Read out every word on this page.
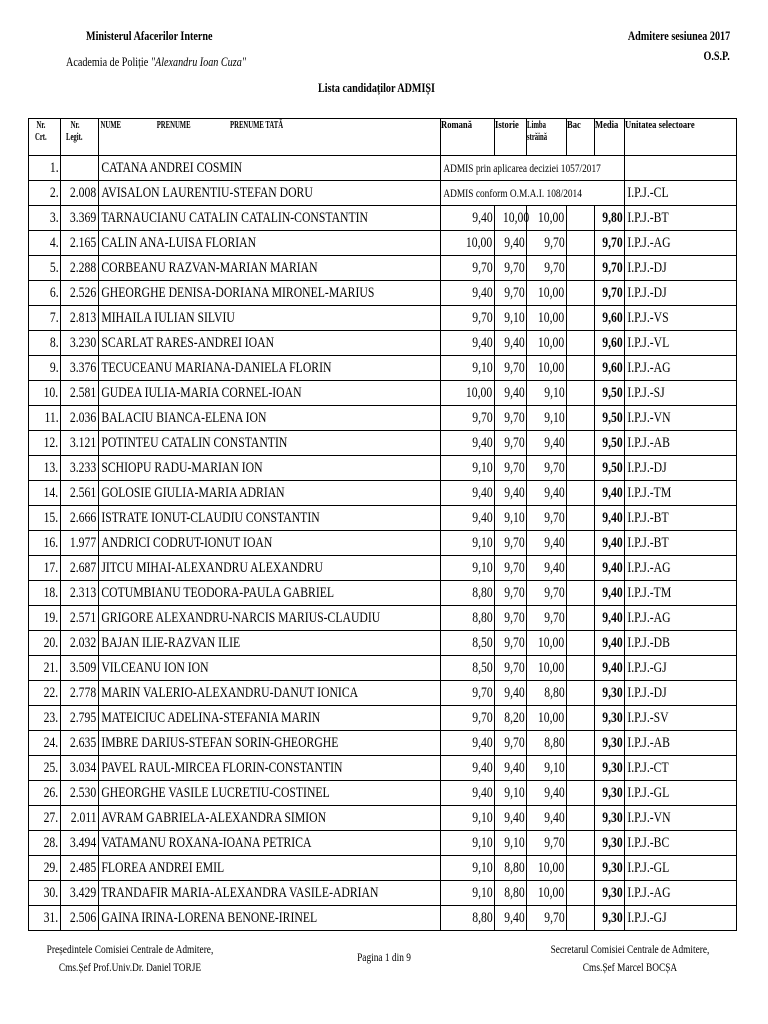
Ministerul Afacerilor Interne
Academia de Poliție "Alexandru Ioan Cuza"
Admitere sesiunea 2017
O.S.P.
Lista candidaților ADMIȘI
Nr.
Crt.	Nr.
Legit.	NUME PRENUME PRENUME TATĂ	Romană	Istorie	Limba
străină	Bac	Media	Unitatea selectoare
1.		CATANA ANDREI COSMIN	ADMIS prin aplicarea deciziei 1057/2017					
2.	2.008	AVISALON LAURENTIU-STEFAN DORU	ADMIS conform O.M.A.I. 108/2014					I.P.J.-CL
3.	3.369	TARNAUCIANU CATALIN CATALIN-CONSTANTIN	9,40	10,00	10,00		9,80	I.P.J.-BT
4.	2.165	CALIN ANA-LUISA FLORIAN	10,00	9,40	9,70		9,70	I.P.J.-AG
5.	2.288	CORBEANU RAZVAN-MARIAN MARIAN	9,70	9,70	9,70		9,70	I.P.J.-DJ
6.	2.526	GHEORGHE DENISA-DORIANA MIRONEL-MARIUS	9,40	9,70	10,00		9,70	I.P.J.-DJ
7.	2.813	MIHAILA IULIAN SILVIU	9,70	9,10	10,00		9,60	I.P.J.-VS
8.	3.230	SCARLAT RARES-ANDREI IOAN	9,40	9,40	10,00		9,60	I.P.J.-VL
9.	3.376	TECUCEANU MARIANA-DANIELA FLORIN	9,10	9,70	10,00		9,60	I.P.J.-AG
10.	2.581	GUDEA IULIA-MARIA CORNEL-IOAN	10,00	9,40	9,10		9,50	I.P.J.-SJ
11.	2.036	BALACIU BIANCA-ELENA ION	9,70	9,70	9,10		9,50	I.P.J.-VN
12.	3.121	POTINTEU CATALIN CONSTANTIN	9,40	9,70	9,40		9,50	I.P.J.-AB
13.	3.233	SCHIOPU RADU-MARIAN ION	9,10	9,70	9,70		9,50	I.P.J.-DJ
14.	2.561	GOLOSIE GIULIA-MARIA ADRIAN	9,40	9,40	9,40		9,40	I.P.J.-TM
15.	2.666	ISTRATE IONUT-CLAUDIU CONSTANTIN	9,40	9,10	9,70		9,40	I.P.J.-BT
16.	1.977	ANDRICI CODRUT-IONUT IOAN	9,10	9,70	9,40		9,40	I.P.J.-BT
17.	2.687	JITCU MIHAI-ALEXANDRU ALEXANDRU	9,10	9,70	9,40		9,40	I.P.J.-AG
18.	2.313	COTUMBIANU TEODORA-PAULA GABRIEL	8,80	9,70	9,70		9,40	I.P.J.-TM
19.	2.571	GRIGORE ALEXANDRU-NARCIS MARIUS-CLAUDIU	8,80	9,70	9,70		9,40	I.P.J.-AG
20.	2.032	BAJAN ILIE-RAZVAN ILIE	8,50	9,70	10,00		9,40	I.P.J.-DB
21.	3.509	VILCEANU ION ION	8,50	9,70	10,00		9,40	I.P.J.-GJ
22.	2.778	MARIN VALERIO-ALEXANDRU-DANUT IONICA	9,70	9,40	8,80		9,30	I.P.J.-DJ
23.	2.795	MATEICIUC ADELINA-STEFANIA MARIN	9,70	8,20	10,00		9,30	I.P.J.-SV
24.	2.635	IMBRE DARIUS-STEFAN SORIN-GHEORGHE	9,40	9,70	8,80		9,30	I.P.J.-AB
25.	3.034	PAVEL RAUL-MIRCEA FLORIN-CONSTANTIN	9,40	9,40	9,10		9,30	I.P.J.-CT
26.	2.530	GHEORGHE VASILE LUCRETIU-COSTINEL	9,40	9,10	9,40		9,30	I.P.J.-GL
27.	2.011	AVRAM GABRIELA-ALEXANDRA SIMION	9,10	9,40	9,40		9,30	I.P.J.-VN
28.	3.494	VATAMANU ROXANA-IOANA PETRICA	9,10	9,10	9,70		9,30	I.P.J.-BC
29.	2.485	FLOREA ANDREI EMIL	9,10	8,80	10,00		9,30	I.P.J.-GL
30.	3.429	TRANDAFIR MARIA-ALEXANDRA VASILE-ADRIAN	9,10	8,80	10,00		9,30	I.P.J.-AG
31.	2.506	GAINA IRINA-LORENA BENONE-IRINEL	8,80	9,40	9,70		9,30	I.P.J.-GJ
Președintele Comisiei Centrale de Admitere,
Cms.Șef Prof.Univ.Dr. Daniel TORJE
Pagina 1 din 9
Secretarul Comisiei Centrale de Admitere,
Cms.Șef Marcel BOCȘA
